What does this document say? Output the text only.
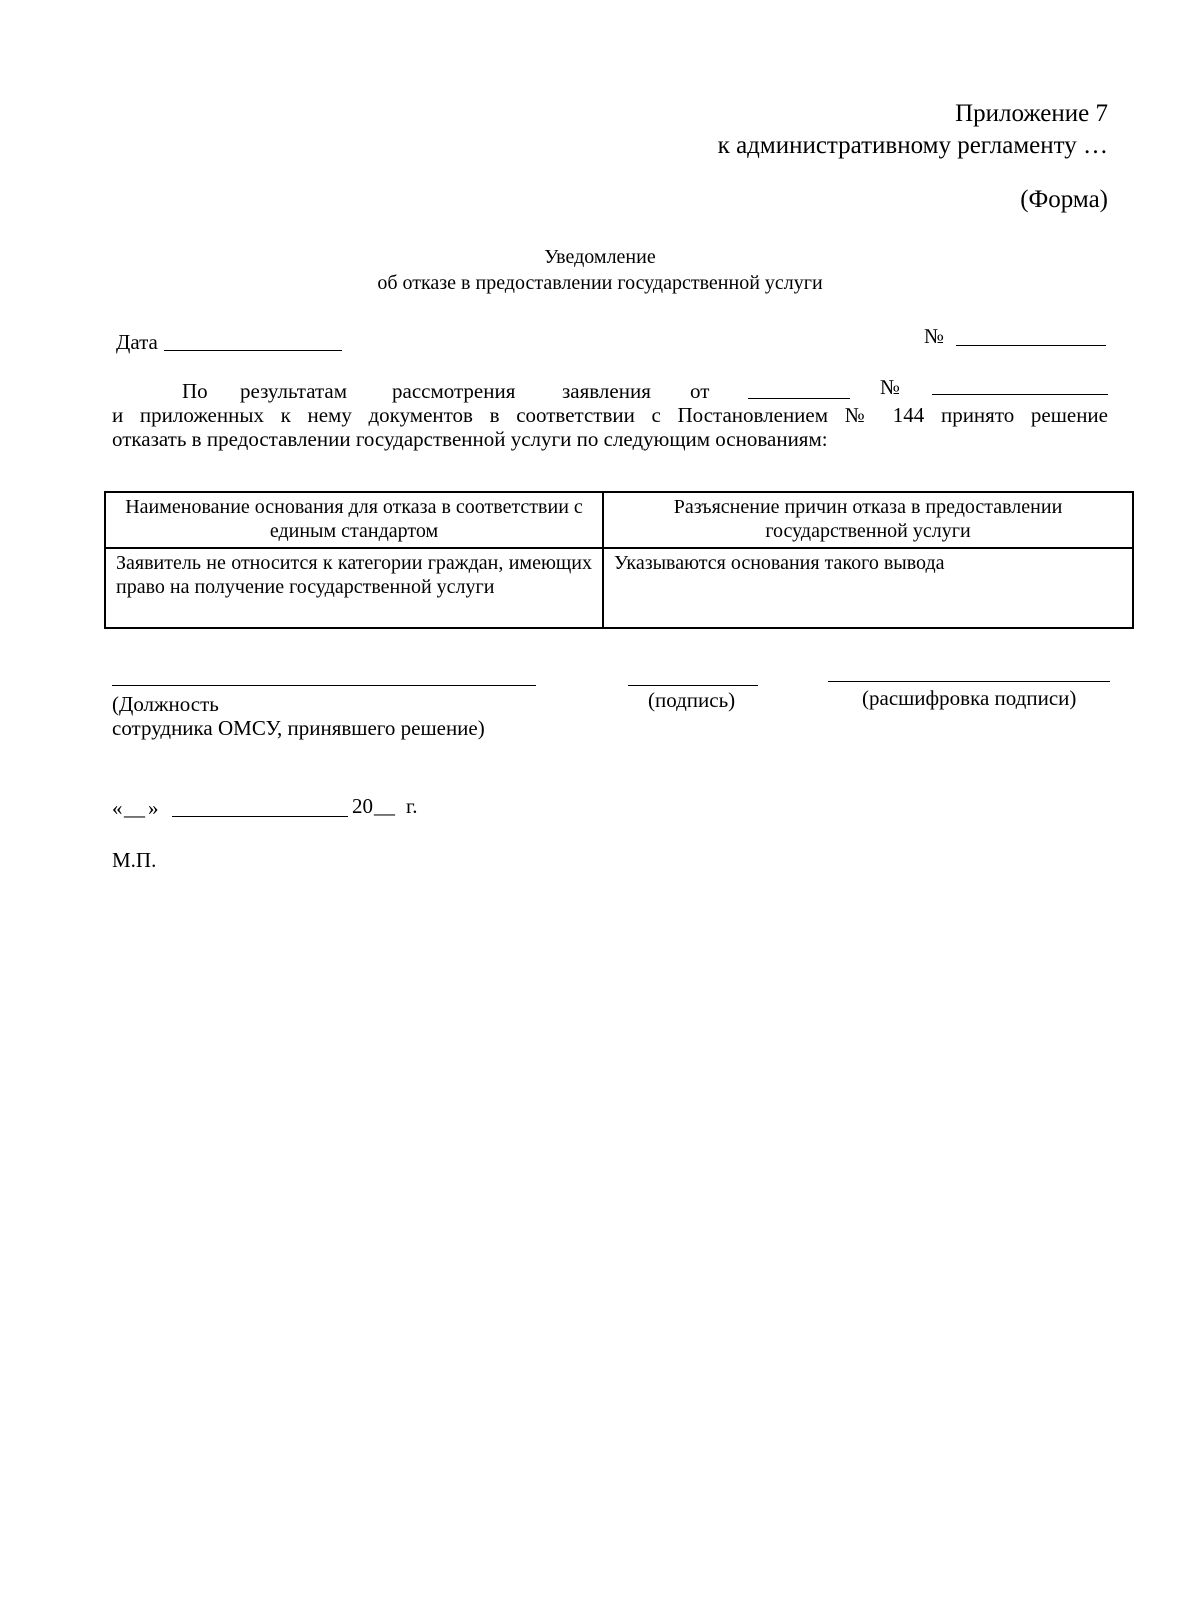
Приложение 7
к административному регламенту …
(Форма)
Уведомление
об отказе в предоставлении государственной услуги
Дата	№
По результатам рассмотрения заявления от	№
и приложенных к нему документов в соответствии с Постановлением № 144 принято решение
отказать в предоставлении государственной услуги по следующим основаниям:
Наименование основания для отказа в соответствии с единым стандартом	Разъяснение причин отказа в предоставлении государственной услуги
Заявитель не относится к категории граждан, имеющих право на получение государственной услуги	Указываются основания такого вывода
(Должность
сотрудника ОМСУ, принявшего решение)
(подпись)	(расшифровка подписи)
« __ »	20 __ г.
М.П.
